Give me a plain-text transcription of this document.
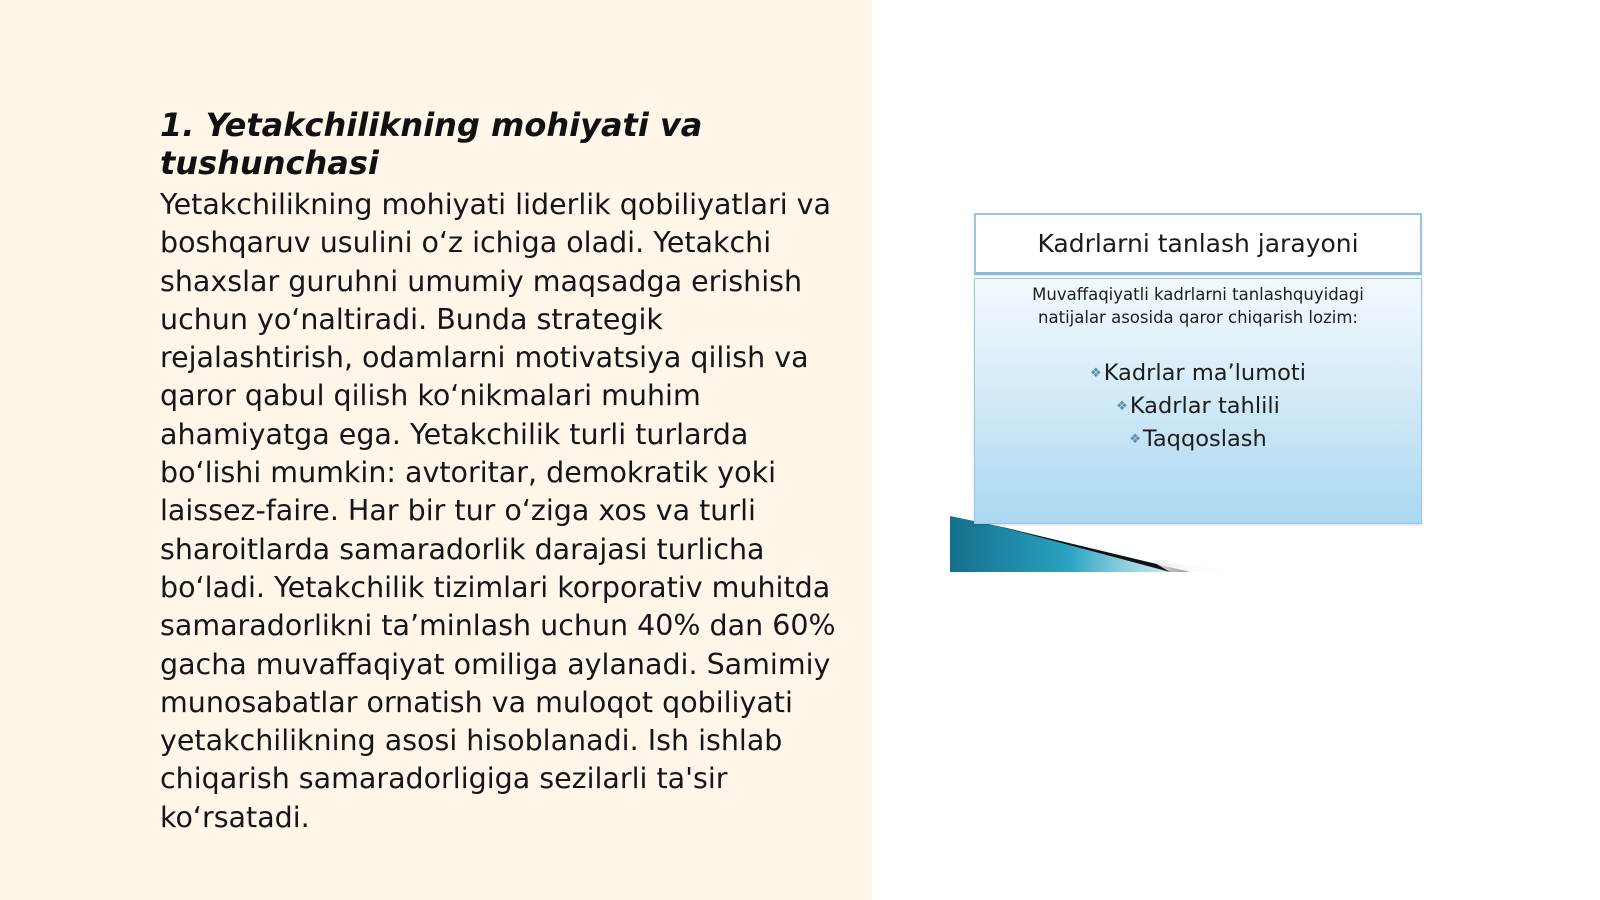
1. Yetakchilikning mohiyati va tushunchasi

Yetakchilikning mohiyati liderlik qobiliyatlari va boshqaruv usulini o‘z ichiga oladi. Yetakchi shaxslar guruhni umumiy maqsadga erishish uchun yo‘naltiradi. Bunda strategik rejalashtirish, odamlarni motivatsiya qilish va qaror qabul qilish ko‘nikmalari muhim ahamiyatga ega. Yetakchilik turli turlarda bo‘lishi mumkin: avtoritar, demokratik yoki laissez-faire. Har bir tur o‘ziga xos va turli sharoitlarda samaradorlik darajasi turlicha bo‘ladi. Yetakchilik tizimlari korporativ muhitda samaradorlikni ta’minlash uchun 40% dan 60% gacha muvaffaqiyat omiliga aylanadi. Samimiy munosabatlar ornatish va muloqot qobiliyati yetakchilikning asosi hisoblanadi. Ish ishlab chiqarish samaradorligiga sezilarli ta'sir ko‘rsatadi.

Kadrlarni tanlash jarayoni

Muvaffaqiyatli kadrlarni tanlashquyidagi
natijalar asosida qaror chiqarish lozim:

❖Kadrlar ma’lumoti
❖Kadrlar tahlili
❖Taqqoslash
